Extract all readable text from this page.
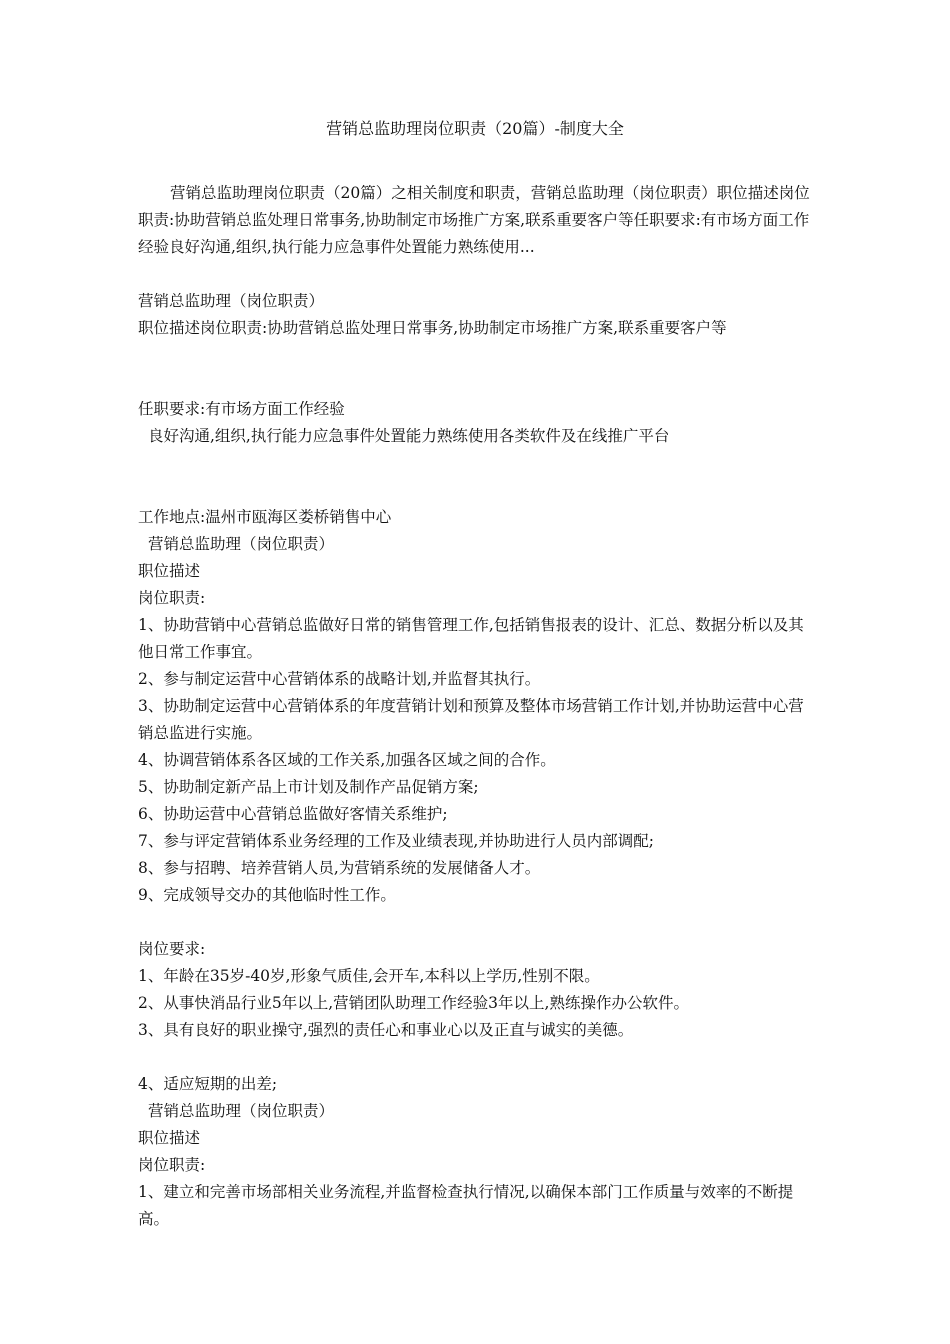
营销总监助理岗位职责（20篇）-制度大全

营销总监助理岗位职责（20篇）之相关制度和职责，营销总监助理（岗位职责）职位描述岗位职责:协助营销总监处理日常事务,协助制定市场推广方案,联系重要客户等任职要求:有市场方面工作经验良好沟通,组织,执行能力应急事件处置能力熟练使用...

营销总监助理（岗位职责）

职位描述岗位职责:协助营销总监处理日常事务,协助制定市场推广方案,联系重要客户等

任职要求:有市场方面工作经验

良好沟通,组织,执行能力应急事件处置能力熟练使用各类软件及在线推广平台

工作地点:温州市瓯海区娄桥销售中心

营销总监助理（岗位职责）

职位描述

岗位职责:

1、协助营销中心营销总监做好日常的销售管理工作,包括销售报表的设计、汇总、数据分析以及其他日常工作事宜。

2、参与制定运营中心营销体系的战略计划,并监督其执行。

3、协助制定运营中心营销体系的年度营销计划和预算及整体市场营销工作计划,并协助运营中心营销总监进行实施。

4、协调营销体系各区域的工作关系,加强各区域之间的合作。

5、协助制定新产品上市计划及制作产品促销方案;

6、协助运营中心营销总监做好客情关系维护;

7、参与评定营销体系业务经理的工作及业绩表现,并协助进行人员内部调配;

8、参与招聘、培养营销人员,为营销系统的发展储备人才。

9、完成领导交办的其他临时性工作。

岗位要求:

1、年龄在35岁-40岁,形象气质佳,会开车,本科以上学历,性别不限。

2、从事快消品行业5年以上,营销团队助理工作经验3年以上,熟练操作办公软件。

3、具有良好的职业操守,强烈的责任心和事业心以及正直与诚实的美德。

4、适应短期的出差;

营销总监助理（岗位职责）

职位描述

岗位职责:

1、建立和完善市场部相关业务流程,并监督检查执行情况,以确保本部门工作质量与效率的不断提高。
